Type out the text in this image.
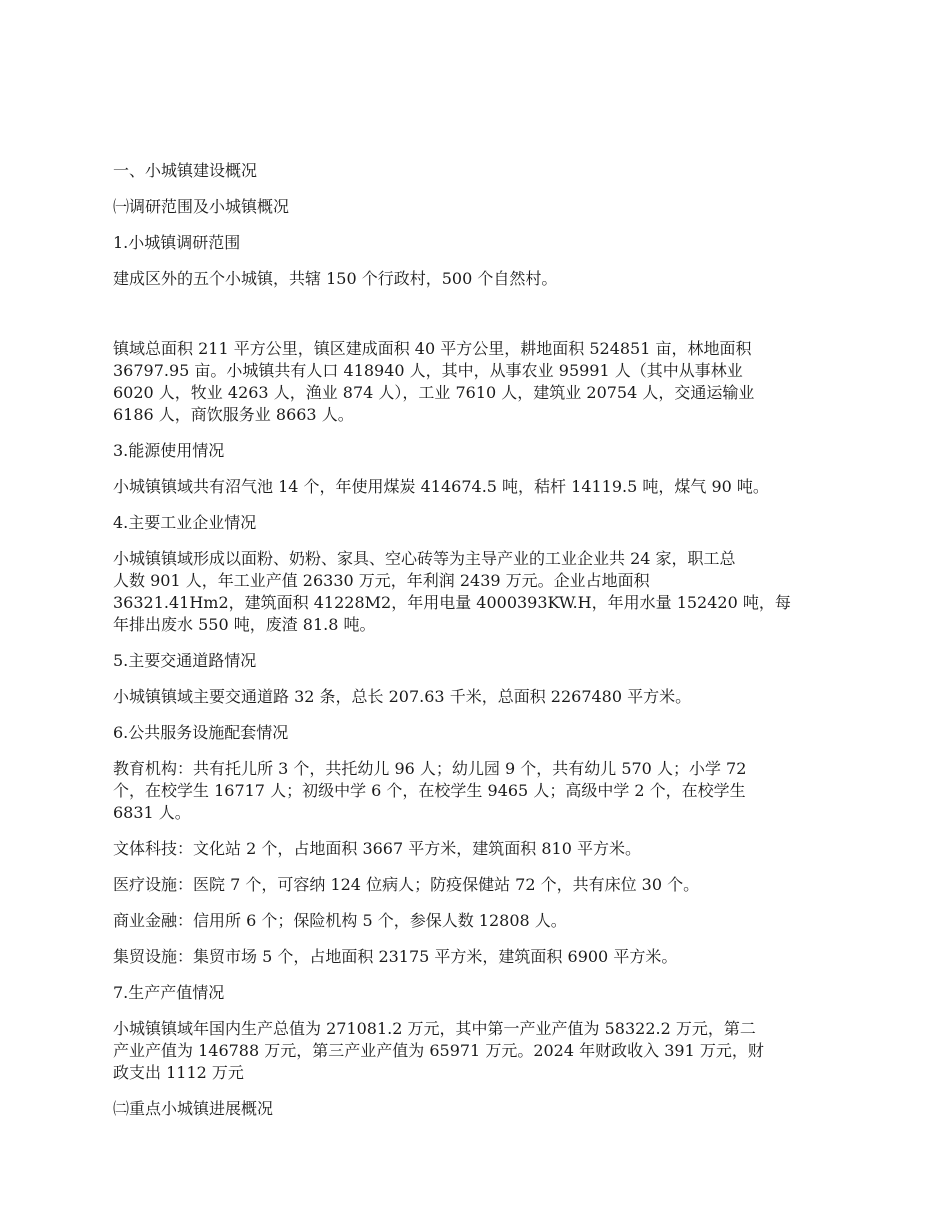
一、小城镇建设概况

㈠调研范围及小城镇概况

1.小城镇调研范围

建成区外的五个小城镇，共辖 150 个行政村，500 个自然村。

镇域总面积 211 平方公里，镇区建成面积 40 平方公里，耕地面积 524851 亩，林地面积

36797.95 亩。小城镇共有人口 418940 人，其中，从事农业 95991 人（其中从事林业

6020 人，牧业 4263 人，渔业 874 人），工业 7610 人，建筑业 20754 人，交通运输业

6186 人，商饮服务业 8663 人。

3.能源使用情况

小城镇镇域共有沼气池 14 个，年使用煤炭 414674.5 吨，秸杆 14119.5 吨，煤气 90 吨。

4.主要工业企业情况

小城镇镇域形成以面粉、奶粉、家具、空心砖等为主导产业的工业企业共 24 家，职工总

人数 901 人，年工业产值 26330 万元，年利润 2439 万元。企业占地面积

36321.41Hm2，建筑面积 41228M2，年用电量 4000393KW.H，年用水量 152420 吨，每

年排出废水 550 吨，废渣 81.8 吨。

5.主要交通道路情况

小城镇镇域主要交通道路 32 条，总长 207.63 千米，总面积 2267480 平方米。

6.公共服务设施配套情况

教育机构：共有托儿所 3 个，共托幼儿 96 人；幼儿园 9 个，共有幼儿 570 人；小学 72

个，在校学生 16717 人；初级中学 6 个，在校学生 9465 人；高级中学 2 个，在校学生

6831 人。

文体科技：文化站 2 个，占地面积 3667 平方米，建筑面积 810 平方米。

医疗设施：医院 7 个，可容纳 124 位病人；防疫保健站 72 个，共有床位 30 个。

商业金融：信用所 6 个；保险机构 5 个，参保人数 12808 人。

集贸设施：集贸市场 5 个，占地面积 23175 平方米，建筑面积 6900 平方米。

7.生产产值情况

小城镇镇域年国内生产总值为 271081.2 万元，其中第一产业产值为 58322.2 万元，第二

产业产值为 146788 万元，第三产业产值为 65971 万元。2024 年财政收入 391 万元，财

政支出 1112 万元

㈡重点小城镇进展概况
